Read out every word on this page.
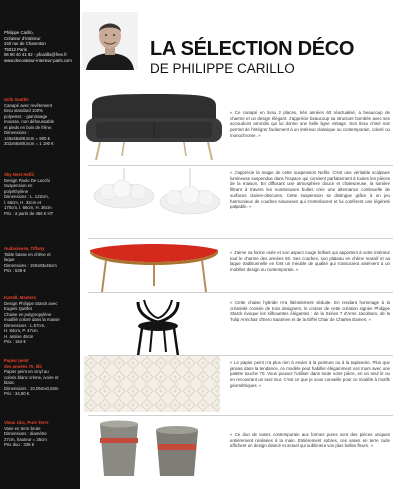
Philippe Carillo,
Créateur d'intérieur
240 rue de Charenton
75012 Paris
06 90 40 41 92 - pfcarillo@free.fr
www.decorateur-interieur-paris.com
LA SÉLECTION DÉCO
DE PHILIPPE CARILLO
Sofa Seattle
Canapé avec revêtement
tissu standard 100%
polyester, - garnissage
mousse, non déhoussable
et pieds en bois de frêne.
Dimensions :
145x66x88,5cm = 900 €
202x66x88,5cm = 1 190 €
« Ce canapé en tissu 2 places, très années 60 réactualisé, a beaucoup de charme et un design élégant. J'apprécie beaucoup sa structure bombée avec ses accoudoirs arrondis qui lui donne une belle ligne vintage. Son tissu chiné noir permet de l'intégrer facilement à un intérieur classique ou contemporain, coloré ou monochrome. »
Sky Nest Nefili
Design Paolo De Lucchi
Suspension en
polyéthylène
Dimensions : L. 122cm,
l. 66cm, H. 32cm et
170cm, l. 66cm, H. 36cm
Prix : à partir de 456 € HT
« J'apprécie la magie de cette suspension Nefilo. C'est une véritable sculpture lumineuse suspendue dans l'espace qui convient parfaitement à toutes les pièces de la maison. En diffusant une atmosphère douce et chaleureuse, la lumière filtrant à travers les nombreuses bulles crée une alternance continuelle de surfaces claires-obscures. Cette suspension se distingue grâce à un jeu harmonieux de courbes sinueuses qui s'entrelacent et lui confèrent une légèreté palpable. »
Audacieuse, Tiffany
Table basse en chêne et
laque
Dimensions : 150x83x45cm
Prix : 539 €
« J'aime sa forme osée et son aspect rouge brillant qui apportent à votre intérieur tout le charme des années 50. Ses courbes, son plateau en chêne massif et sa laque traditionnelle en font un meuble de qualité qui s'associera aisément à un mobilier design ou contemporain. »
Kartell, Masters
Design Philippe Starck avec
Eugeni Quitllet
Chaise en polypropylène
modifié coloré dans la masse
Dimensions : L.57cm,
H. 84cm, P. 47cm
H. assise 46cm
Prix : 154 €
« Cette chaise hybride m'a littéralement séduite. En rendant hommage à la créativité croisée de trois designers, le croiser de cette création signée Philippe Starck évoque les silhouettes élégantes : de la Séries 7 d'Arne Jacobsen, de la Tulip Armchair d'Eero Saarinen et de la Eiffel Chair de Charles Eames. »
Papier peint
des années 70, lilli
Papier peint en vinyl au
coloris blanc crème, ivoire et
blanc
Dimensions : 10,05mx0,53m
Prix : 34,90 €
« Le papier peint n'a plus rien à envier à la peinture ou à la tapisserie. Plus que jamais dans la tendance, ce modèle peut habiller élégamment vos murs avec une palette touche 70. Vous pouvez l'utiliser dans toute votre pièce, en un seul lé ou en recouvrant un seul mur. C'est ce que je vous conseille pour ce modèle à motifs géométriques. »
Vieux zinc, Pure Terre
Vase en terre brute
Dimensions : diamètre
27cm, hauteur = 36cm
Prix duo : 335 €
« Ce duo de vases contemporain aux formes pures sont des pièces uniques entièrement réalisées à la main. Entièrement sobres, ces vases en terre cuite affichent un design élancé et actuel qui sublimera vos plus belles fleurs. »
